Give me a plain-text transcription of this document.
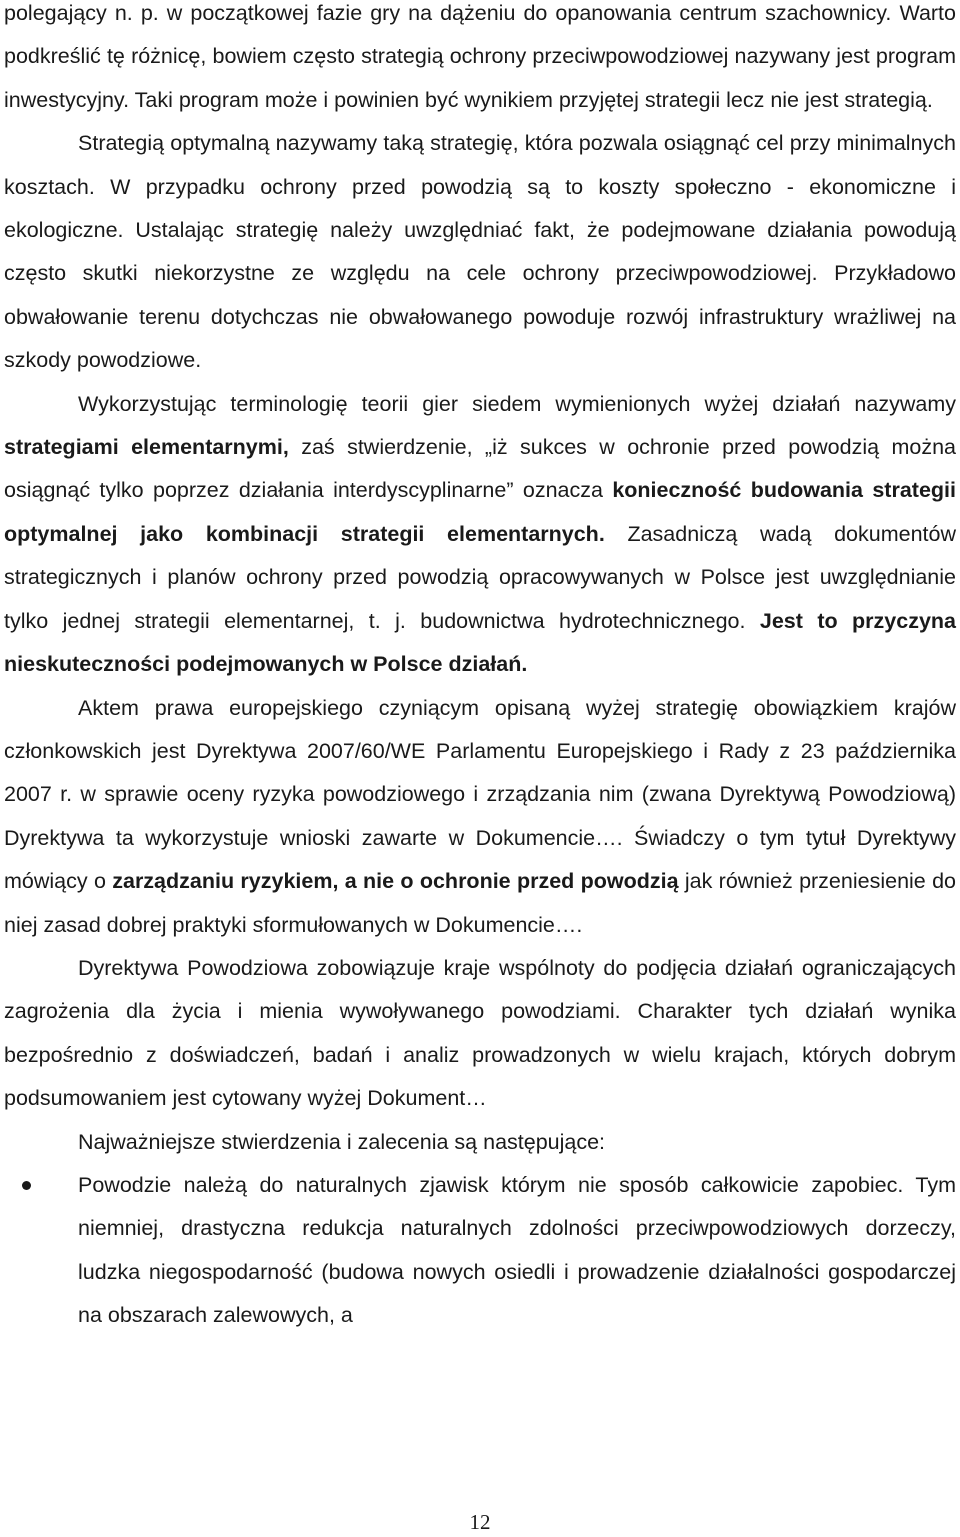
polegający n. p. w początkowej fazie gry na dążeniu do opanowania centrum szachownicy. Warto podkreślić tę różnicę, bowiem często strategią ochrony przeciwpowodziowej nazywany jest program inwestycyjny. Taki program może i powinien być wynikiem przyjętej strategii lecz nie jest strategią.

Strategią optymalną nazywamy taką strategię, która pozwala osiągnąć cel przy minimalnych kosztach. W przypadku ochrony przed powodzią są to koszty społeczno - ekonomiczne i ekologiczne. Ustalając strategię należy uwzględniać fakt, że podejmowane działania powodują często skutki niekorzystne ze względu na cele ochrony przeciwpowodziowej. Przykładowo obwałowanie terenu dotychczas nie obwałowanego powoduje rozwój infrastruktury wrażliwej na szkody powodziowe.

Wykorzystując terminologię teorii gier siedem wymienionych wyżej działań nazywamy strategiami elementarnymi, zaś stwierdzenie, „iż sukces w ochronie przed powodzią można osiągnąć tylko poprzez działania interdyscyplinarne” oznacza konieczność budowania strategii optymalnej jako kombinacji strategii elementarnych. Zasadniczą wadą dokumentów strategicznych i planów ochrony przed powodzią opracowywanych w Polsce jest uwzględnianie tylko jednej strategii elementarnej, t. j. budownictwa hydrotechnicznego. Jest to przyczyna nieskuteczności podejmowanych w Polsce działań.

Aktem prawa europejskiego czyniącym opisaną wyżej strategię obowiązkiem krajów członkowskich jest Dyrektywa 2007/60/WE Parlamentu Europejskiego i Rady z 23 października 2007 r. w sprawie oceny ryzyka powodziowego i zrządzania nim (zwana Dyrektywą Powodziową) Dyrektywa ta wykorzystuje wnioski zawarte w Dokumencie…. Świadczy o tym tytuł Dyrektywy mówiący o zarządzaniu ryzykiem, a nie o ochronie przed powodzią jak również przeniesienie do niej zasad dobrej praktyki sformułowanych w Dokumencie….

Dyrektywa Powodziowa zobowiązuje kraje wspólnoty do podjęcia działań ograniczających zagrożenia dla życia i mienia wywoływanego powodziami. Charakter tych działań wynika bezpośrednio z doświadczeń, badań i analiz prowadzonych w wielu krajach, których dobrym podsumowaniem jest cytowany wyżej Dokument…

Najważniejsze stwierdzenia i zalecenia są następujące:

Powodzie należą do naturalnych zjawisk którym nie sposób całkowicie zapobiec. Tym niemniej, drastyczna redukcja naturalnych zdolności przeciwpowodziowych dorzeczy, ludzka niegospodarność (budowa nowych osiedli i prowadzenie działalności gospodarczej na obszarach zalewowych, a
12
